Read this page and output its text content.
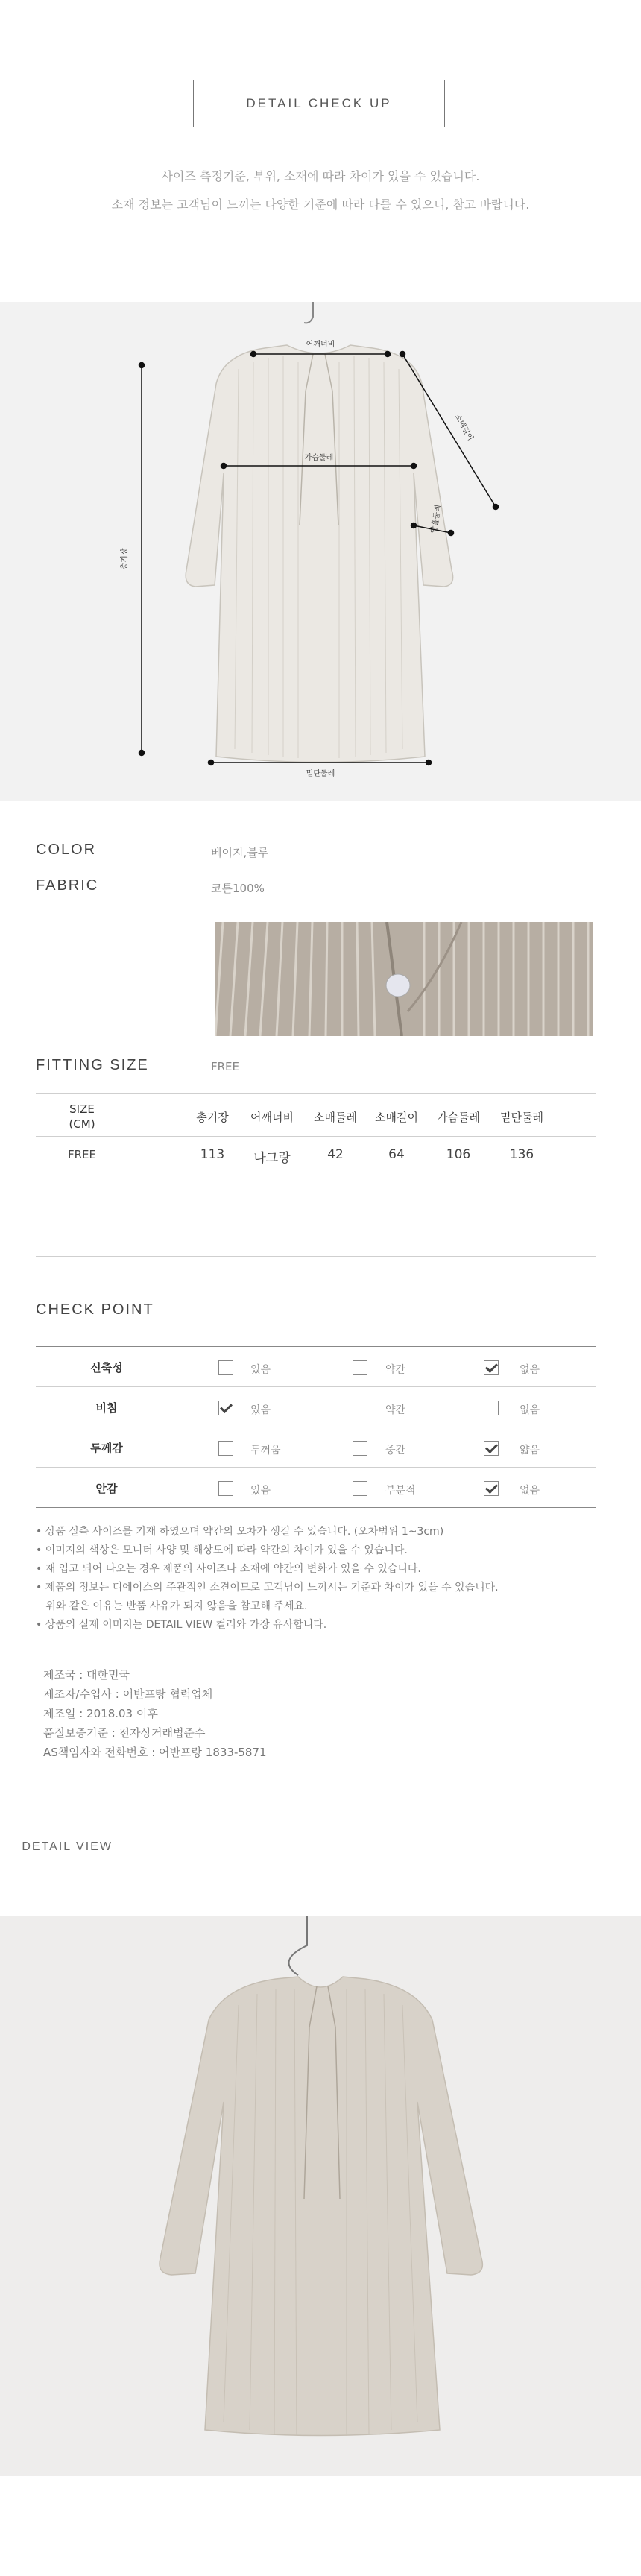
DETAIL CHECK UP
사이즈 측정기준, 부위, 소재에 따라 차이가 있을 수 있습니다.
소재 정보는 고객님이 느끼는 다양한 기준에 따라 다를 수 있으니, 참고 바랍니다.
어깨너비
소매길이
가슴둘레
암홀둘레
총기장
밑단둘레
COLOR	베이지,블루
FABRIC	코튼100%
FITTING SIZE	FREE
SIZE
(CM)	총기장	어깨너비	소매둘레	소매길이	가슴둘레	밑단둘레
FREE	113	나그랑	42	64	106	136
CHECK POINT
신축성	있음	약간	없음
비침	있음	약간	없음
두께감	두꺼움	중간	얇음
안감	있음	부분적	없음
• 상품 실측 사이즈를 기재 하였으며 약간의 오차가 생길 수 있습니다. (오차범위 1~3cm)
• 이미지의 색상은 모니터 사양 및 해상도에 따라 약간의 차이가 있을 수 있습니다.
• 재 입고 되어 나오는 경우 제품의 사이즈나 소재에 약간의 변화가 있을 수 있습니다.
• 제품의 정보는 디에이스의 주관적인 소견이므로 고객님이 느끼시는 기준과 차이가 있을 수 있습니다.
위와 같은 이유는 반품 사유가 되지 않음을 참고해 주세요.
• 상품의 실제 이미지는 DETAIL VIEW 컬러와 가장 유사합니다.
제조국 : 대한민국
제조자/수입사 : 어반프랑 협력업체
제조일 : 2018.03 이후
품질보증기준 : 전자상거래법준수
AS책임자와 전화번호 : 어반프랑 1833-5871
_ DETAIL VIEW
